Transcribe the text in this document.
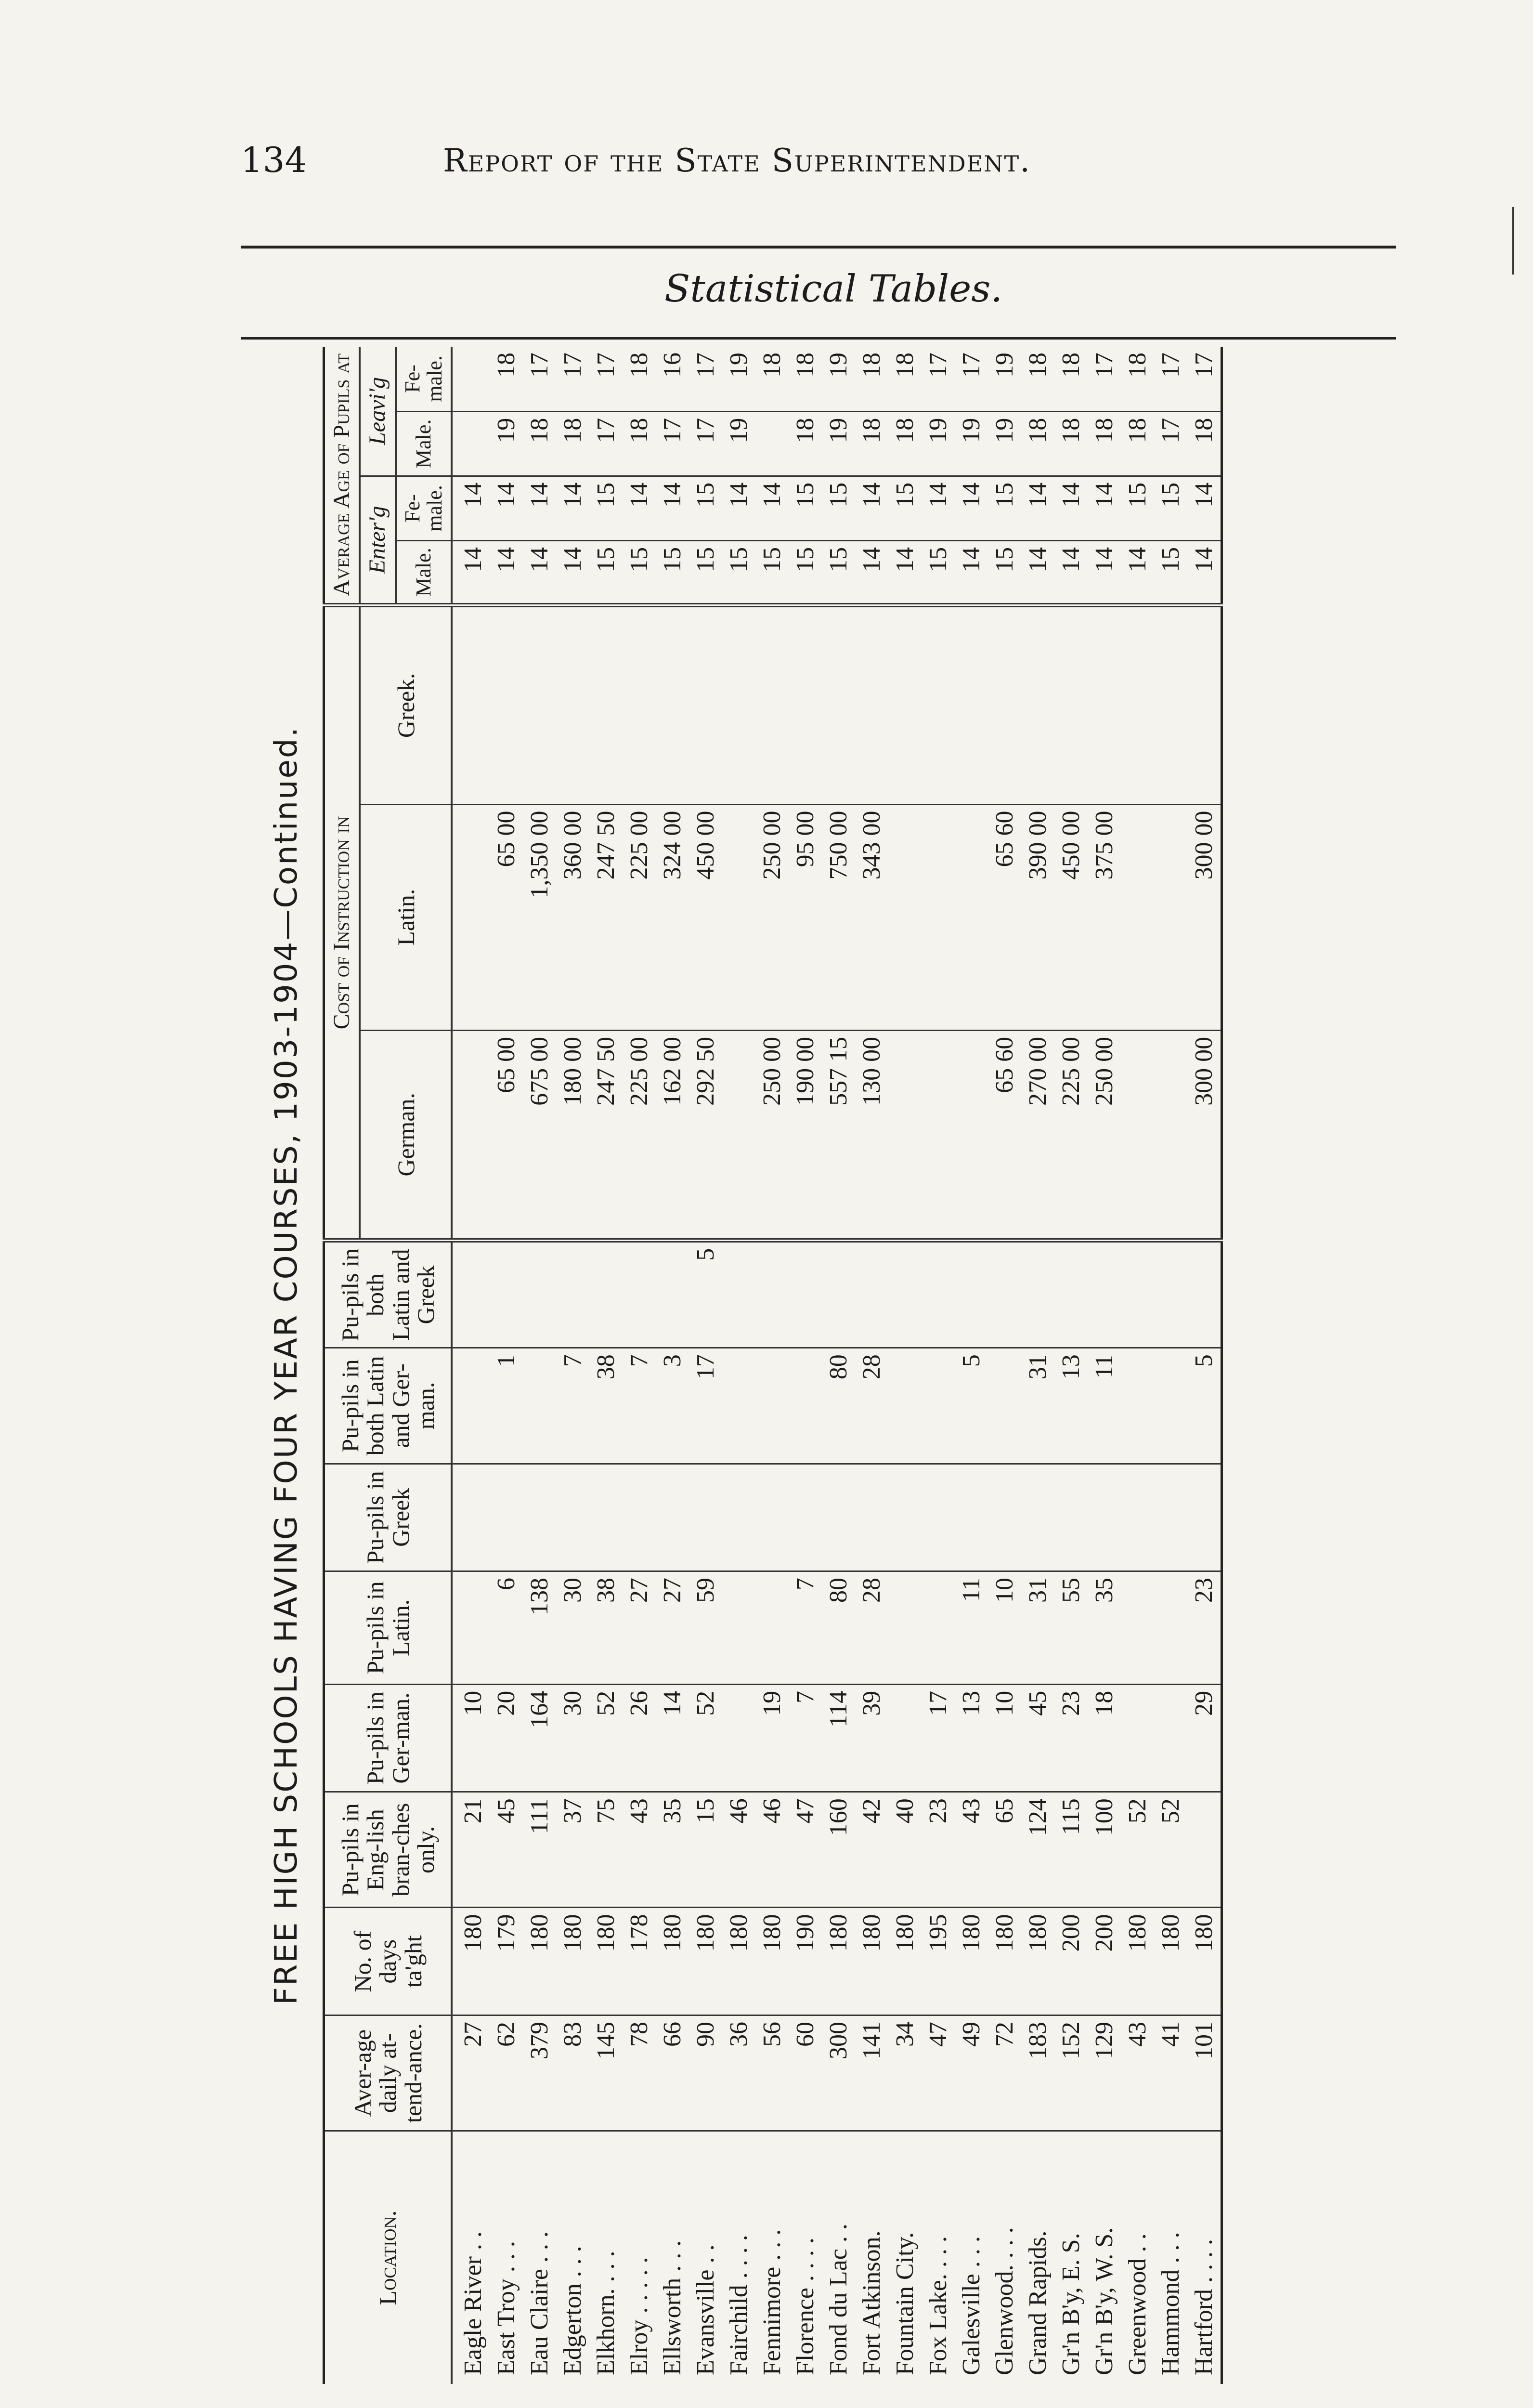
134	Report of the State Superintendent.
Statistical Tables.
FREE HIGH SCHOOLS HAVING FOUR YEAR COURSES, 1903-1904—Continued.
Location.	Aver-age daily at-tend-ance.	No. of days ta'ght	Pu-pils in Eng-lish bran-ches only.	Pu-pils in Ger-man.	Pu-pils in Latin.	Pu-pils in Greek	Pu-pils in both Latin and Ger-man.	Pu-pils in both Latin and Greek	Cost of Instruction in			Average Age of Pupils at			
									German.	Latin.	Greek.	Enter'g		Leavi'g	
												Male.	Fe-male.	Male.	Fe-male.
Eagle River . .	27	180	21	10								14	14		
East Troy . . .	62	179	45	20	6		1		65 00	65 00		14	14	19	18
Eau Claire . . .	379	180	111	164	138				675 00	1,350 00		14	14	18	17
Edgerton . . .	83	180	37	30	30		7		180 00	360 00		14	14	18	17
Elkhorn. . . .	145	180	75	52	38		38		247 50	247 50		15	15	17	17
Elroy . . . . .	78	178	43	26	27		7		225 00	225 00		15	14	18	18
Ellsworth . . .	66	180	35	14	27		3		162 00	324 00		15	14	17	16
Evansville . .	90	180	15	52	59		17	5	292 50	450 00		15	15	17	17
Fairchild . . . .	36	180	46									15	14	19	19
Fennimore . . .	56	180	46	19					250 00	250 00		15	14		18
Florence . . . .	60	190	47	7	7				190 00	95 00		15	15	18	18
Fond du Lac . .	300	180	160	114	80		80		557 15	750 00		15	15	19	19
Fort Atkinson.	141	180	42	39	28		28		130 00	343 00		14	14	18	18
Fountain City.	34	180	40									14	15	18	18
Fox Lake. . . .	47	195	23	17								15	14	19	17
Galesville . . .	49	180	43	13	11		5					14	14	19	17
Glenwood. . . .	72	180	65	10	10				65 60	65 60		15	15	19	19
Grand Rapids.	183	180	124	45	31		31		270 00	390 00		14	14	18	18
Gr'n B'y, E. S.	152	200	115	23	55		13		225 00	450 00		14	14	18	18
Gr'n B'y, W. S.	129	200	100	18	35		11		250 00	375 00		14	14	18	17
Greenwood . .	43	180	52									14	15	18	18
Hammond . . .	41	180	52									15	15	17	17
Hartford . . . .	101	180		29	23		5		300 00	300 00		14	14	18	17
